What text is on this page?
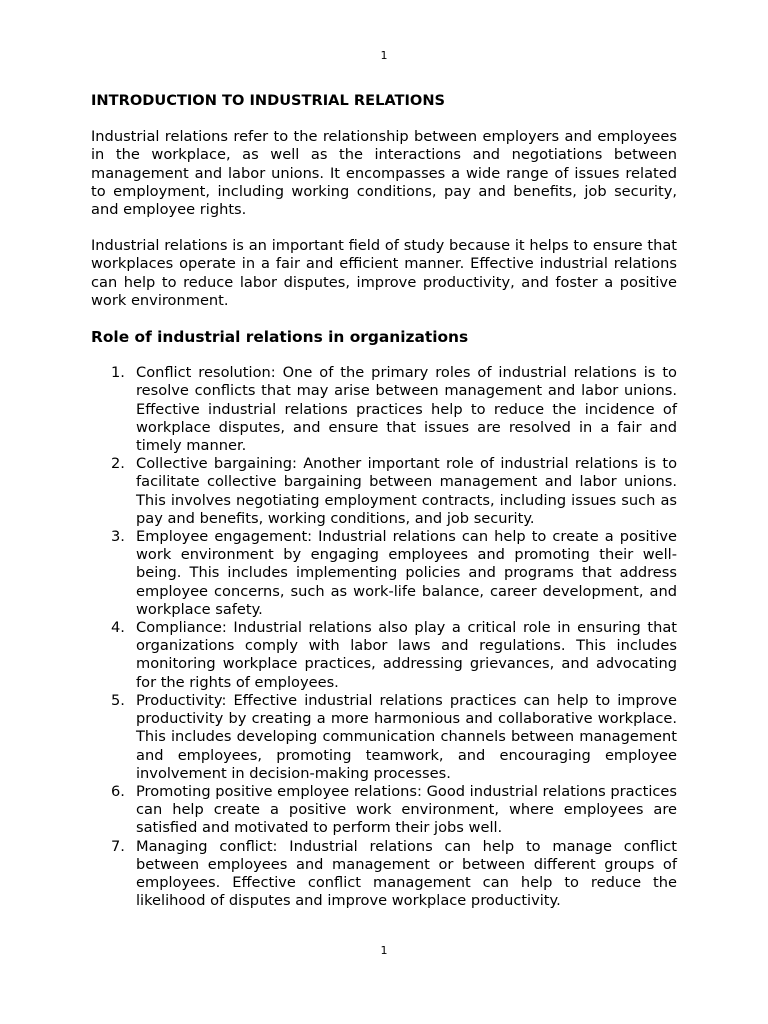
1
INTRODUCTION TO INDUSTRIAL RELATIONS

Industrial relations refer to the relationship between employers and employees in the workplace, as well as the interactions and negotiations between management and labor unions. It encompasses a wide range of issues related to employment, including working conditions, pay and benefits, job security, and employee rights.

Industrial relations is an important field of study because it helps to ensure that workplaces operate in a fair and efficient manner. Effective industrial relations can help to reduce labor disputes, improve productivity, and foster a positive work environment.

Role of industrial relations in organizations
1. Conflict resolution: One of the primary roles of industrial relations is to resolve conflicts that may arise between management and labor unions. Effective industrial relations practices help to reduce the incidence of workplace disputes, and ensure that issues are resolved in a fair and timely manner.
2. Collective bargaining: Another important role of industrial relations is to facilitate collective bargaining between management and labor unions. This involves negotiating employment contracts, including issues such as pay and benefits, working conditions, and job security.
3. Employee engagement: Industrial relations can help to create a positive work environment by engaging employees and promoting their well-being. This includes implementing policies and programs that address employee concerns, such as work-life balance, career development, and workplace safety.
4. Compliance: Industrial relations also play a critical role in ensuring that organizations comply with labor laws and regulations. This includes monitoring workplace practices, addressing grievances, and advocating for the rights of employees.
5. Productivity: Effective industrial relations practices can help to improve productivity by creating a more harmonious and collaborative workplace. This includes developing communication channels between management and employees, promoting teamwork, and encouraging employee involvement in decision-making processes.
6. Promoting positive employee relations: Good industrial relations practices can help create a positive work environment, where employees are satisfied and motivated to perform their jobs well.
7. Managing conflict: Industrial relations can help to manage conflict between employees and management or between different groups of employees. Effective conflict management can help to reduce the likelihood of disputes and improve workplace productivity.
1
